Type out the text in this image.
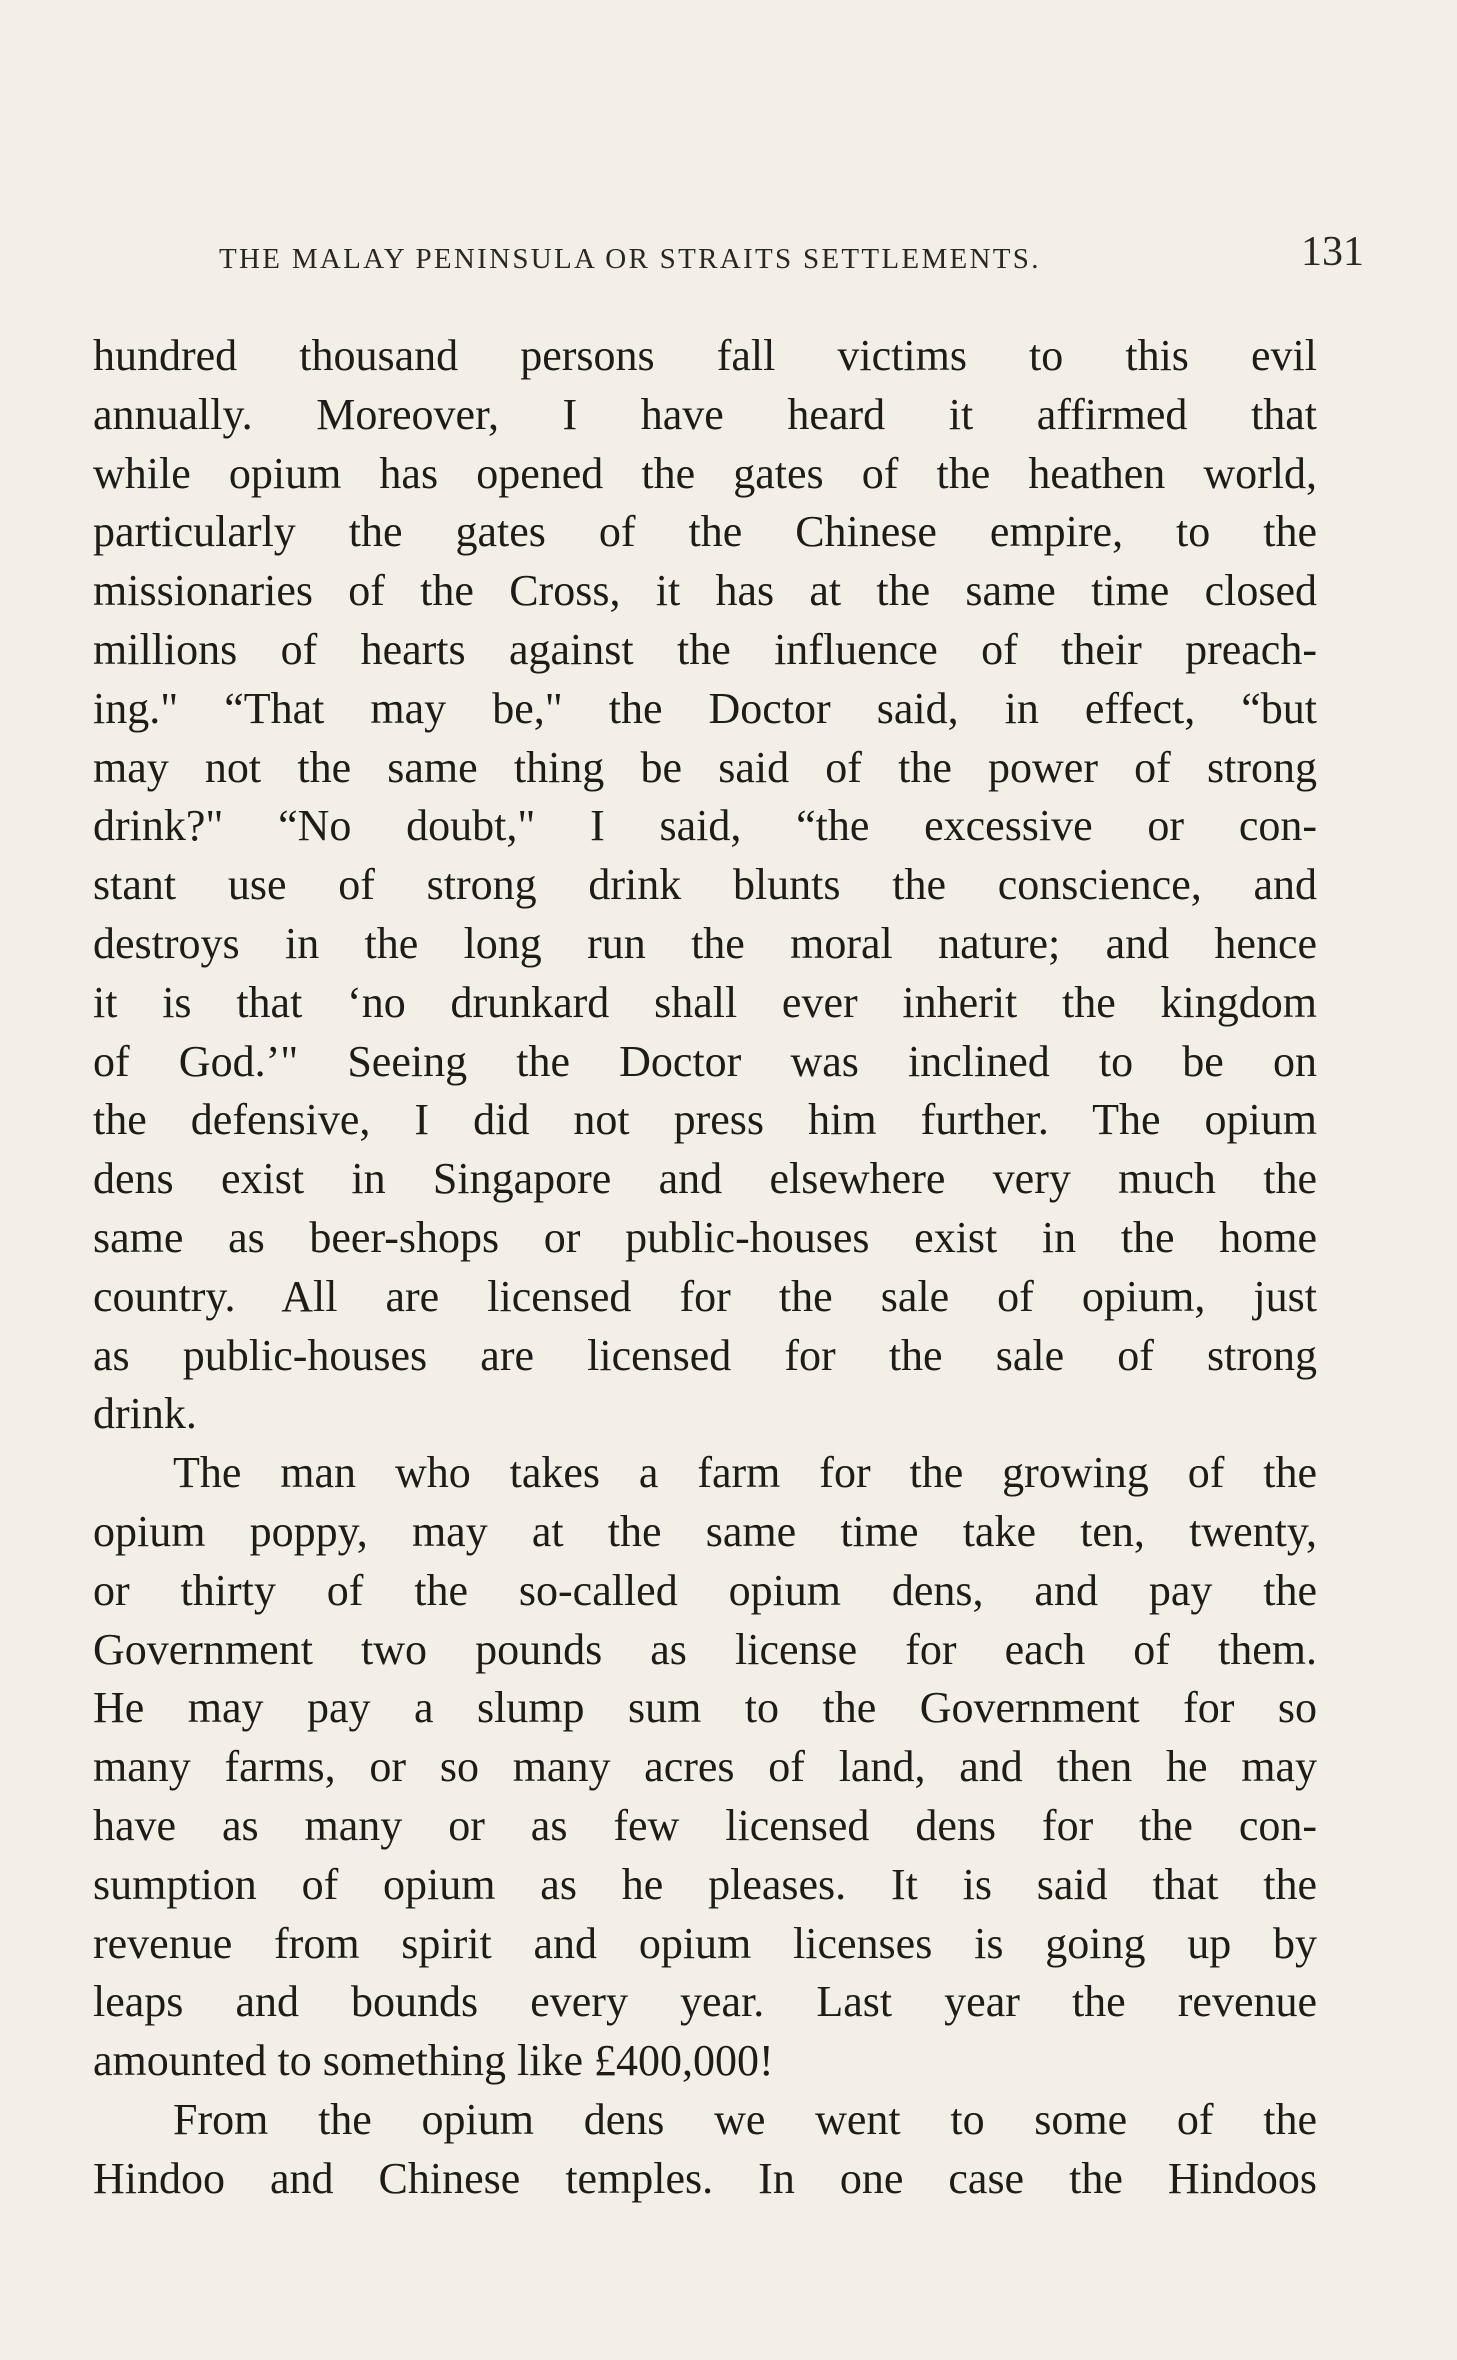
THE MALAY PENINSULA OR STRAITS SETTLEMENTS.	131
hundred thousand persons fall victims to this evil
annually. Moreover, I have heard it affirmed that
while opium has opened the gates of the heathen world,
particularly the gates of the Chinese empire, to the
missionaries of the Cross, it has at the same time closed
millions of hearts against the influence of their preach-
ing." “That may be," the Doctor said, in effect, “but
may not the same thing be said of the power of strong
drink?" “No doubt," I said, “the excessive or con-
stant use of strong drink blunts the conscience, and
destroys in the long run the moral nature; and hence
it is that ‘no drunkard shall ever inherit the kingdom
of God.’" Seeing the Doctor was inclined to be on
the defensive, I did not press him further. The opium
dens exist in Singapore and elsewhere very much the
same as beer-shops or public-houses exist in the home
country. All are licensed for the sale of opium, just
as public-houses are licensed for the sale of strong
drink.
The man who takes a farm for the growing of the
opium poppy, may at the same time take ten, twenty,
or thirty of the so-called opium dens, and pay the
Government two pounds as license for each of them.
He may pay a slump sum to the Government for so
many farms, or so many acres of land, and then he may
have as many or as few licensed dens for the con-
sumption of opium as he pleases. It is said that the
revenue from spirit and opium licenses is going up by
leaps and bounds every year. Last year the revenue
amounted to something like £400,000!
From the opium dens we went to some of the
Hindoo and Chinese temples. In one case the Hindoos
